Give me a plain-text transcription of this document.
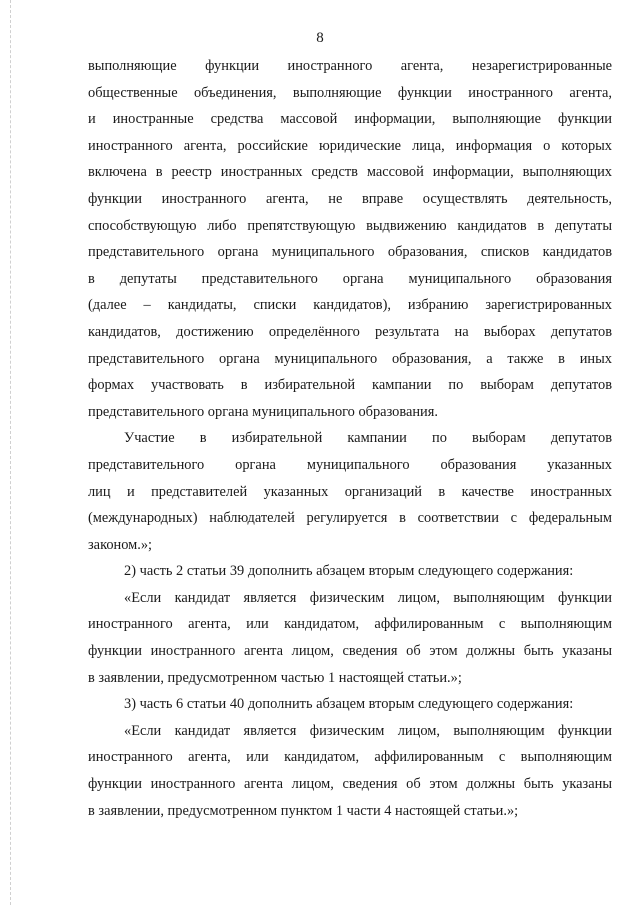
8

выполняющие функции иностранного агента, незарегистрированные
общественные объединения, выполняющие функции иностранного агента,
и иностранные средства массовой информации, выполняющие функции
иностранного агента, российские юридические лица, информация о которых
включена в реестр иностранных средств массовой информации, выполняющих
функции иностранного агента, не вправе осуществлять деятельность,
способствующую либо препятствующую выдвижению кандидатов в депутаты
представительного органа муниципального образования, списков кандидатов
в депутаты представительного органа муниципального образования
(далее – кандидаты, списки кандидатов), избранию зарегистрированных
кандидатов, достижению определённого результата на выборах депутатов
представительного органа муниципального образования, а также в иных
формах участвовать в избирательной кампании по выборам депутатов
представительного органа муниципального образования.

Участие в избирательной кампании по выборам депутатов
представительного органа муниципального образования указанных
лиц и представителей указанных организаций в качестве иностранных
(международных) наблюдателей регулируется в соответствии с федеральным
законом.»;

2) часть 2 статьи 39 дополнить абзацем вторым следующего содержания:

«Если кандидат является физическим лицом, выполняющим функции
иностранного агента, или кандидатом, аффилированным с выполняющим
функции иностранного агента лицом, сведения об этом должны быть указаны
в заявлении, предусмотренном частью 1 настоящей статьи.»;

3) часть 6 статьи 40 дополнить абзацем вторым следующего содержания:

«Если кандидат является физическим лицом, выполняющим функции
иностранного агента, или кандидатом, аффилированным с выполняющим
функции иностранного агента лицом, сведения об этом должны быть указаны
в заявлении, предусмотренном пунктом 1 части 4 настоящей статьи.»;
